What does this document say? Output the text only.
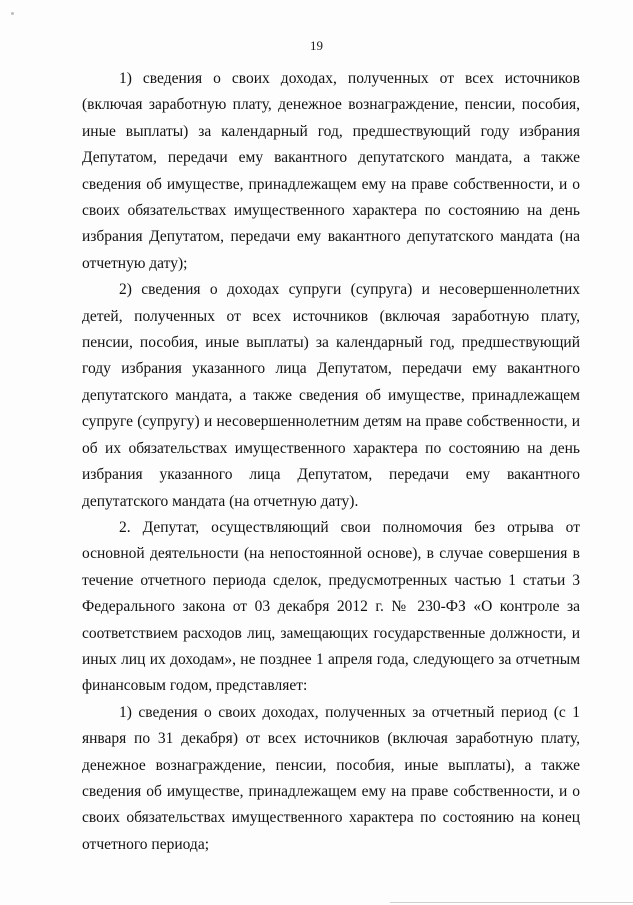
19

1) сведения о своих доходах, полученных от всех источников (включая заработную плату, денежное вознаграждение, пенсии, пособия, иные выплаты) за календарный год, предшествующий году избрания Депутатом, передачи ему вакантного депутатского мандата, а также сведения об имуществе, принадлежащем ему на праве собственности, и о своих обязательствах имущественного характера по состоянию на день избрания Депутатом, передачи ему вакантного депутатского мандата (на отчетную дату);

2) сведения о доходах супруги (супруга) и несовершеннолетних детей, полученных от всех источников (включая заработную плату, пенсии, пособия, иные выплаты) за календарный год, предшествующий году избрания указанного лица Депутатом, передачи ему вакантного депутатского мандата, а также сведения об имуществе, принадлежащем супруге (супругу) и несовершеннолетним детям на праве собственности, и об их обязательствах имущественного характера по состоянию на день избрания указанного лица Депутатом, передачи ему вакантного депутатского мандата (на отчетную дату).

2. Депутат, осуществляющий свои полномочия без отрыва от основной деятельности (на непостоянной основе), в случае совершения в течение отчетного периода сделок, предусмотренных частью 1 статьи 3 Федерального закона от 03 декабря 2012 г. № 230-ФЗ «О контроле за соответствием расходов лиц, замещающих государственные должности, и иных лиц их доходам», не позднее 1 апреля года, следующего за отчетным финансовым годом, представляет:

1) сведения о своих доходах, полученных за отчетный период (с 1 января по 31 декабря) от всех источников (включая заработную плату, денежное вознаграждение, пенсии, пособия, иные выплаты), а также сведения об имуществе, принадлежащем ему на праве собственности, и о своих обязательствах имущественного характера по состоянию на конец отчетного периода;
